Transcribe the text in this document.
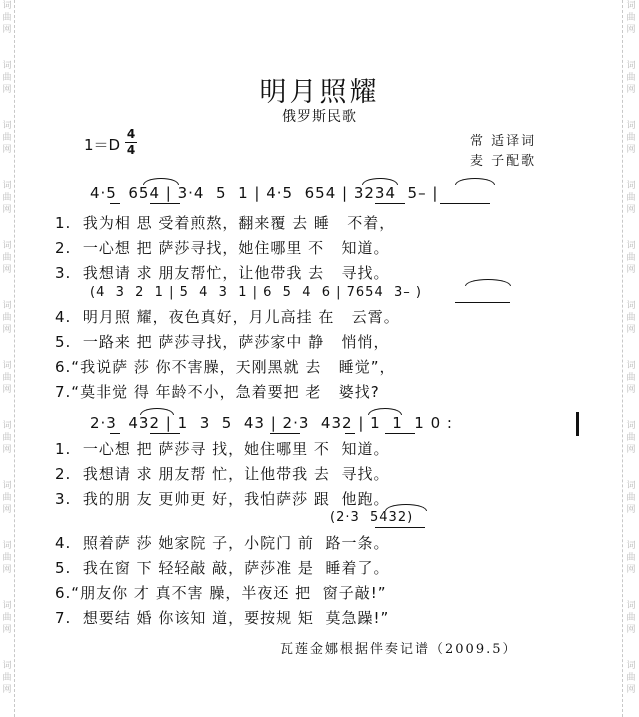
词曲网
词曲网
词曲网
词曲网
词曲网
词曲网
词曲网
词曲网
词曲网
词曲网
词曲网
词曲网
词曲网
词曲网
词曲网
词曲网
词曲网
词曲网
词曲网
词曲网
词曲网
词曲网
词曲网
词曲网
明月照耀
俄罗斯民歌
1＝D
4
4
常 适译词
麦 子配歌
4·5  654 | 3·4  5  1 | 4·5  654 | 3234  5– |
1.  我为相 思 受着煎熬，翻来覆 去 睡   不着，
2.  一心想 把 萨莎寻找，她住哪里 不   知道。
3.  我想请 求 朋友帮忙，让他带我 去   寻找。
(4  3  2  1 | 5  4  3  1 | 6  5  4  6 | 7654  3– )
4.  明月照 耀，夜色真好，月儿高挂 在   云霄。
5.  一路来 把 萨莎寻找，萨莎家中 静   悄悄，
6.“我说萨 莎 你不害臊，天刚黑就 去   睡觉”，
7.“莫非觉 得 年龄不小，急着要把 老   婆找?
2·3  432 | 1  3  5  43 | 2·3  432 | 1  1  1 0 :
1.  一心想 把 萨莎寻 找，她住哪里 不  知道。
2.  我想请 求 朋友帮 忙，让他带我 去  寻找。
3.  我的朋 友 更帅更 好，我怕萨莎 跟  他跑。
(2·3  5432)
4.  照着萨 莎 她家院 子，小院门 前  路一条。
5.  我在窗 下 轻轻敲 敲，萨莎准 是  睡着了。
6.“朋友你 才 真不害 臊，半夜还 把  窗子敲!”
7.  想要结 婚 你该知 道，要按规 矩  莫急躁!”
瓦莲金娜根据伴奏记谱（2009.5）
